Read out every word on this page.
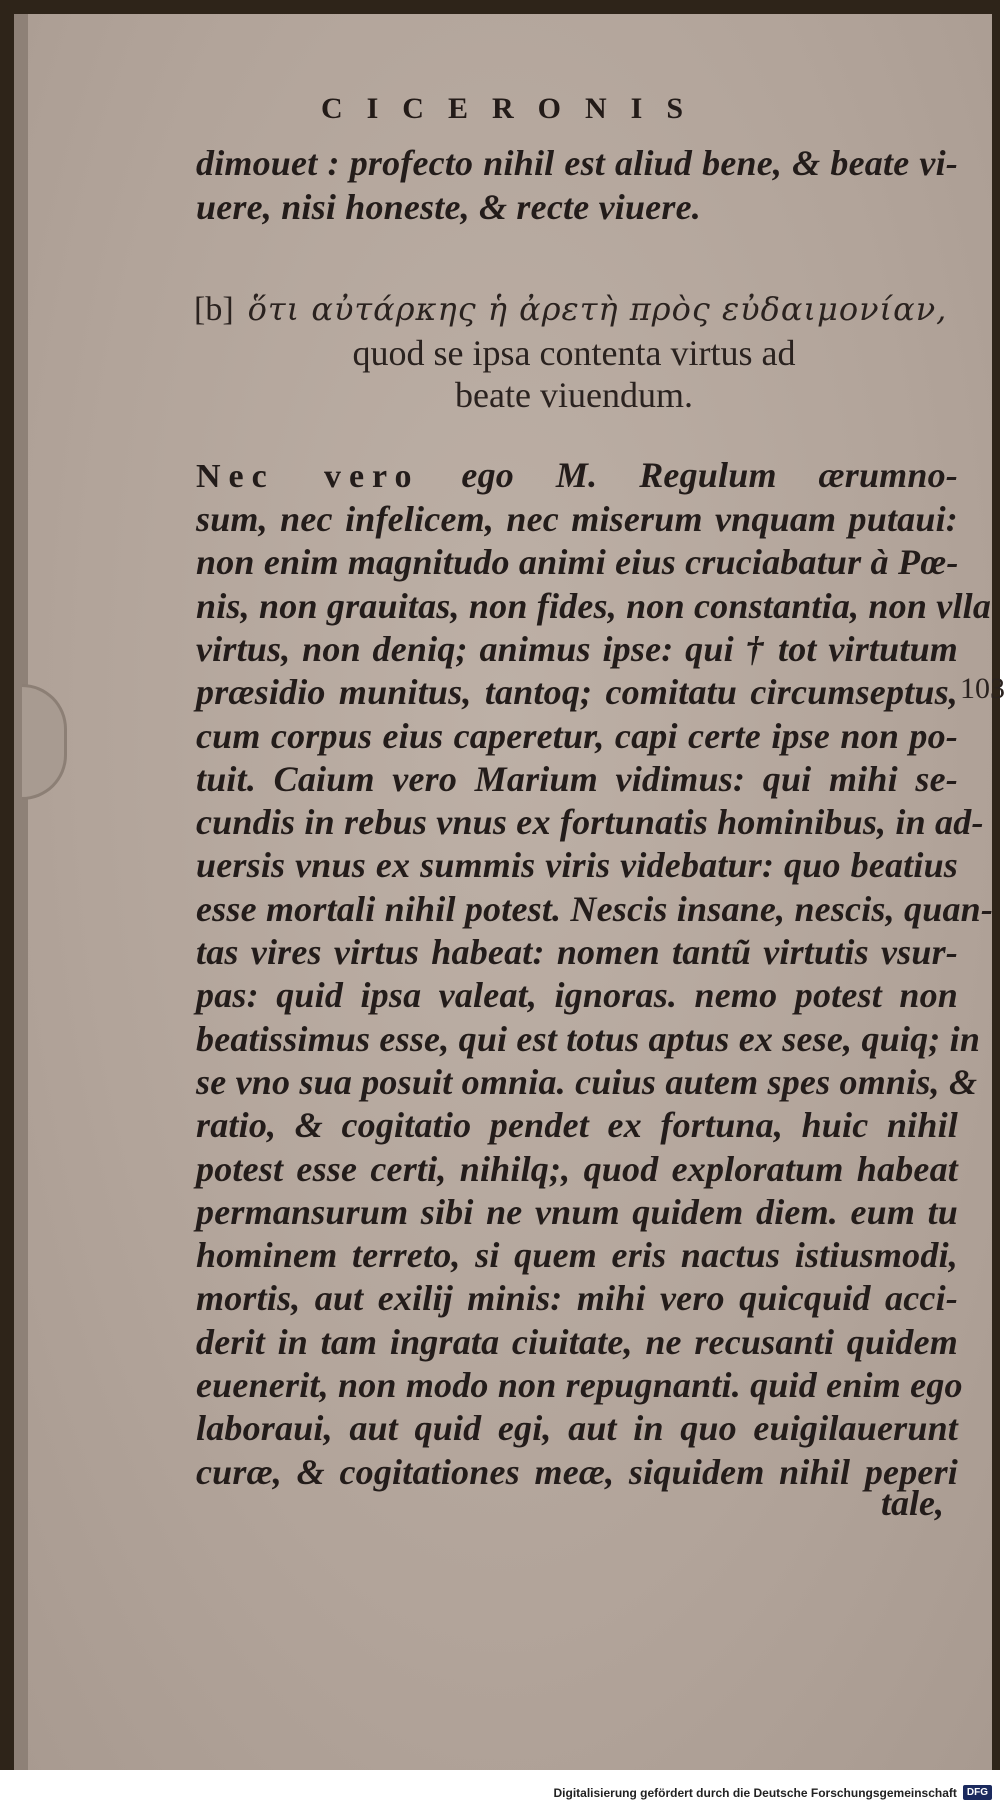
CICERONIS
dimouet : profecto nihil est aliud bene, & beate vi-
uere, nisi honeste, & recte viuere.
[b] ὅτι αὐτάρκης ἡ ἀρετὴ πρὸς εὐδαιμονίαν,
quod se ipsa contenta virtus ad
beate viuendum.
Nec vero ego M. Regulum ærumno-
sum, nec infelicem, nec miserum vnquam putaui:
non enim magnitudo animi eius cruciabatur à Pœ-
nis, non grauitas, non fides, non constantia, non vlla
virtus, non deniq; animus ipse: qui † tot virtutum
præsidio munitus, tantoq; comitatu circumseptus,
cum corpus eius caperetur, capi certe ipse non po-
tuit. Caium vero Marium vidimus: qui mihi se-
cundis in rebus vnus ex fortunatis hominibus, in ad-
uersis vnus ex summis viris videbatur: quo beatius
esse mortali nihil potest. Nescis insane, nescis, quan-
tas vires virtus habeat: nomen tantũ virtutis vsur-
pas: quid ipsa valeat, ignoras. nemo potest non
beatissimus esse, qui est totus aptus ex sese, quiq; in
se vno sua posuit omnia. cuius autem spes omnis, &
ratio, & cogitatio pendet ex fortuna, huic nihil
potest esse certi, nihilq;, quod exploratum habeat
permansurum sibi ne vnum quidem diem. eum tu
hominem terreto, si quem eris nactus istiusmodi,
mortis, aut exilij minis: mihi vero quicquid acci-
derit in tam ingrata ciuitate, ne recusanti quidem
euenerit, non modo non repugnanti. quid enim ego
laboraui, aut quid egi, aut in quo euigilauerunt
curæ, & cogitationes meæ, siquidem nihil peperi
103
tale,
Digitalisierung gefördert durch die Deutsche Forschungsgemeinschaft	DFG
